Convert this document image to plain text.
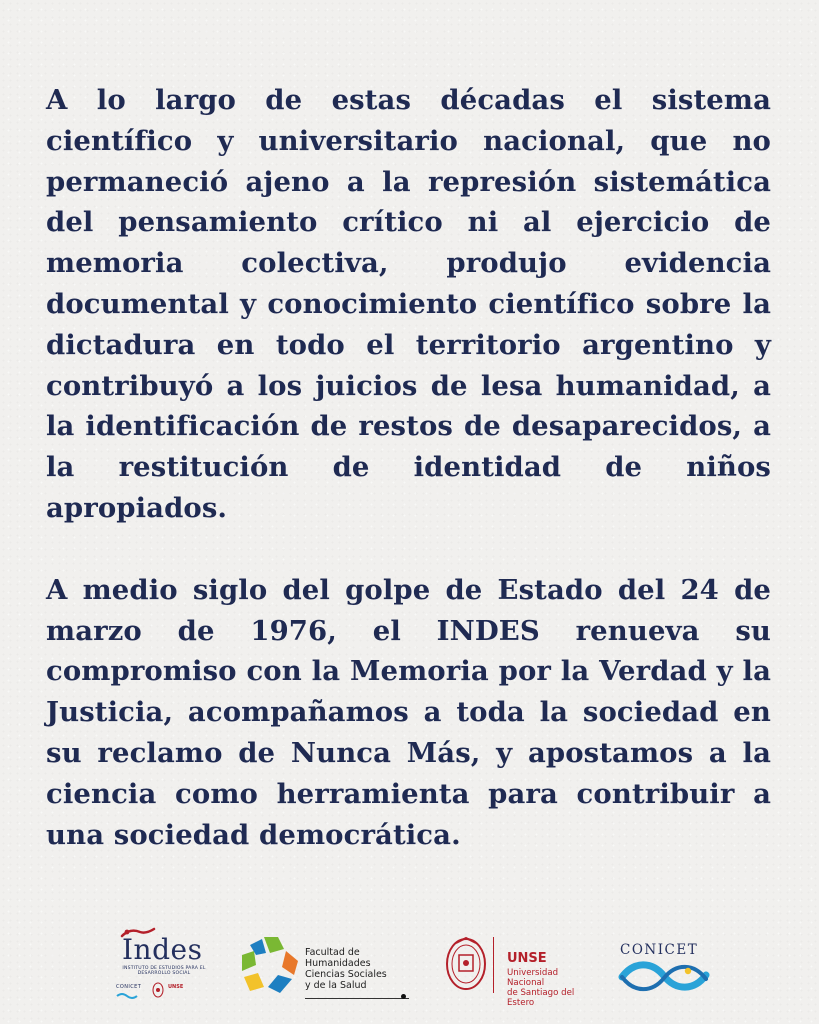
A lo largo de estas décadas el sistema científico y universitario nacional, que no permaneció ajeno a la represión sistemática del pensamiento crítico ni al ejercicio de memoria colectiva, produjo evidencia documental y conocimiento científico sobre la dictadura en todo el territorio argentino y contribuyó a los juicios de lesa humanidad, a la identificación de restos de desaparecidos, a la restitución de identidad de niños apropiados.

A medio siglo del golpe de Estado del 24 de marzo de 1976, el INDES renueva su compromiso con la Memoria por la Verdad y la Justicia, acompañamos a toda la sociedad en su reclamo de Nunca Más, y apostamos a la ciencia como herramienta para contribuir a una sociedad democrática.

Indes
INSTITUTO DE ESTUDIOS PARA EL DESARROLLO SOCIAL
CONICET	UNSE
Facultad de
Humanidades
Ciencias Sociales
y de la Salud
UNSE
Universidad Nacional
de Santiago del Estero
CONICET
